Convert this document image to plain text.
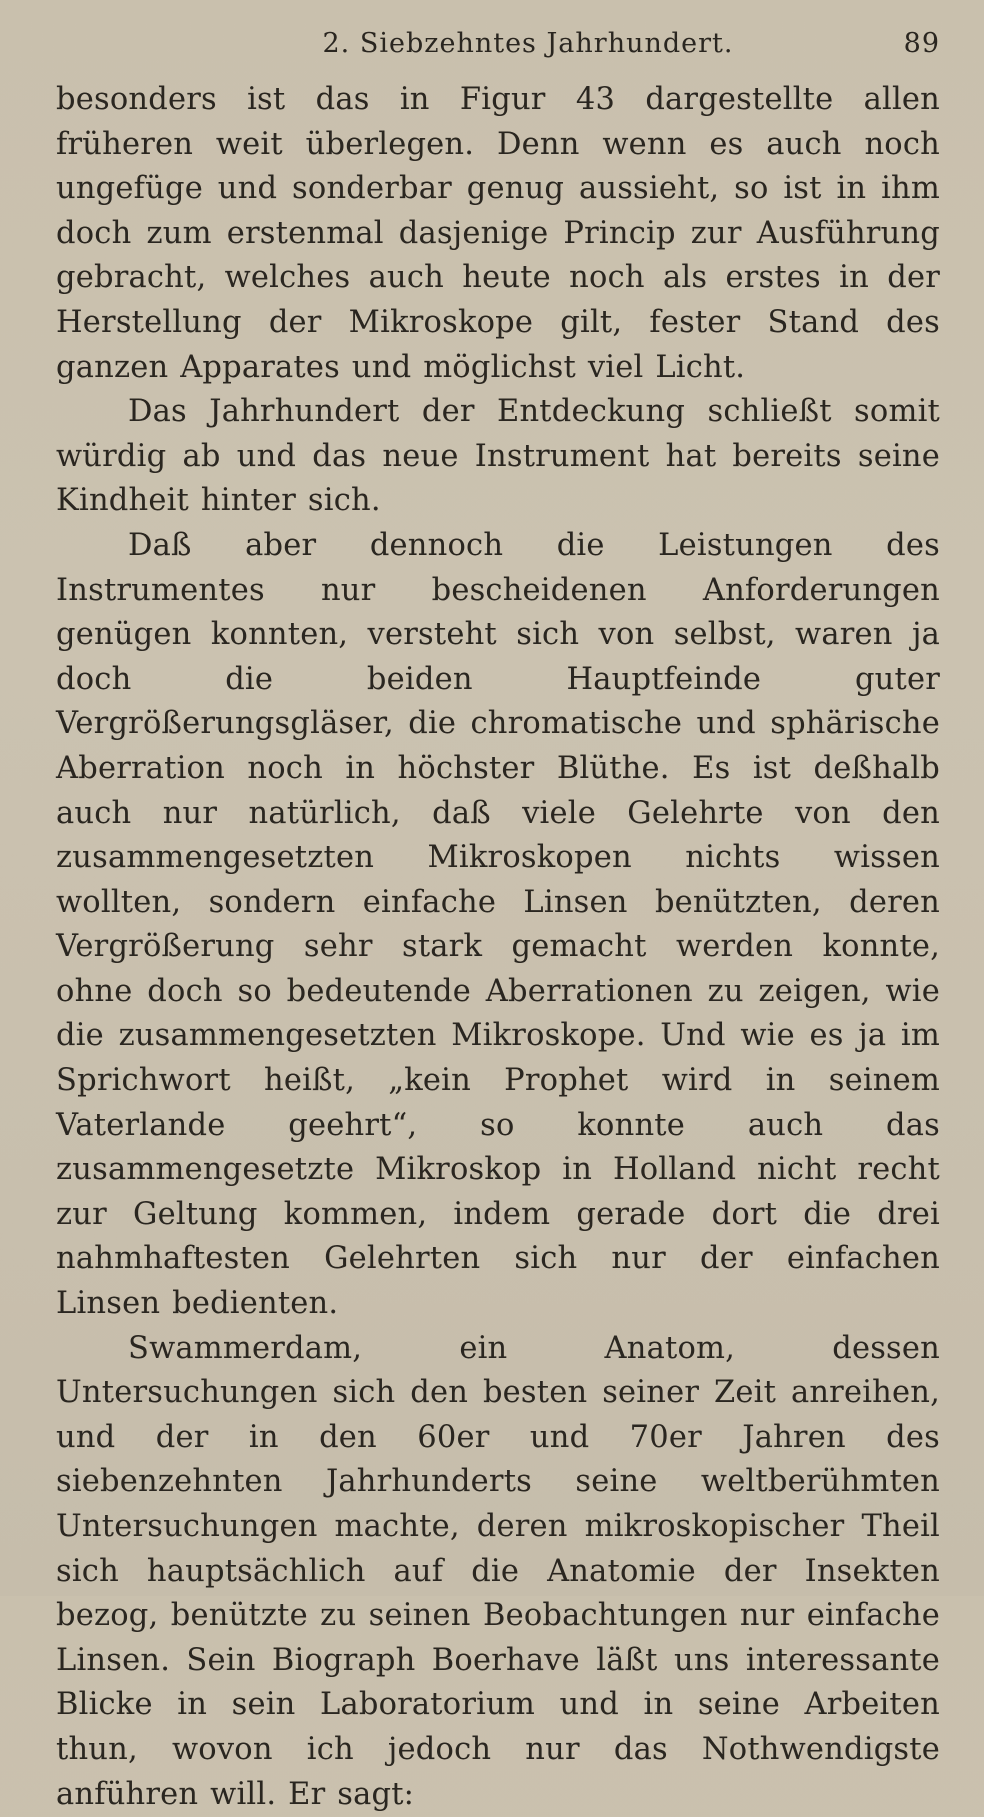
2. Siebzehntes Jahrhundert.	89

besonders ist das in Figur 43 dargestellte allen früheren weit überlegen. Denn wenn es auch noch ungefüge und sonderbar genug aussieht, so ist in ihm doch zum erstenmal dasjenige Princip zur Ausführung gebracht, welches auch heute noch als erstes in der Herstellung der Mikroskope gilt, fester Stand des ganzen Apparates und möglichst viel Licht.

Das Jahrhundert der Entdeckung schließt somit würdig ab und das neue Instrument hat bereits seine Kindheit hinter sich.

Daß aber dennoch die Leistungen des Instrumentes nur bescheidenen Anforderungen genügen konnten, versteht sich von selbst, waren ja doch die beiden Hauptfeinde guter Vergrößerungsgläser, die chromatische und sphärische Aberration noch in höchster Blüthe. Es ist deßhalb auch nur natürlich, daß viele Gelehrte von den zusammengesetzten Mikroskopen nichts wissen wollten, sondern einfache Linsen benützten, deren Vergrößerung sehr stark gemacht werden konnte, ohne doch so bedeutende Aberrationen zu zeigen, wie die zusammengesetzten Mikroskope. Und wie es ja im Sprichwort heißt, „kein Prophet wird in seinem Vaterlande geehrt“, so konnte auch das zusammengesetzte Mikroskop in Holland nicht recht zur Geltung kommen, indem gerade dort die drei nahmhaftesten Gelehrten sich nur der einfachen Linsen bedienten.

Swammerdam, ein Anatom, dessen Untersuchungen sich den besten seiner Zeit anreihen, und der in den 60er und 70er Jahren des siebenzehnten Jahrhunderts seine weltberühmten Untersuchungen machte, deren mikroskopischer Theil sich hauptsächlich auf die Anatomie der Insekten bezog, benützte zu seinen Beobachtungen nur einfache Linsen. Sein Biograph Boerhave läßt uns interessante Blicke in sein Laboratorium und in seine Arbeiten thun, wovon ich jedoch nur das Nothwendigste anführen will. Er sagt:
